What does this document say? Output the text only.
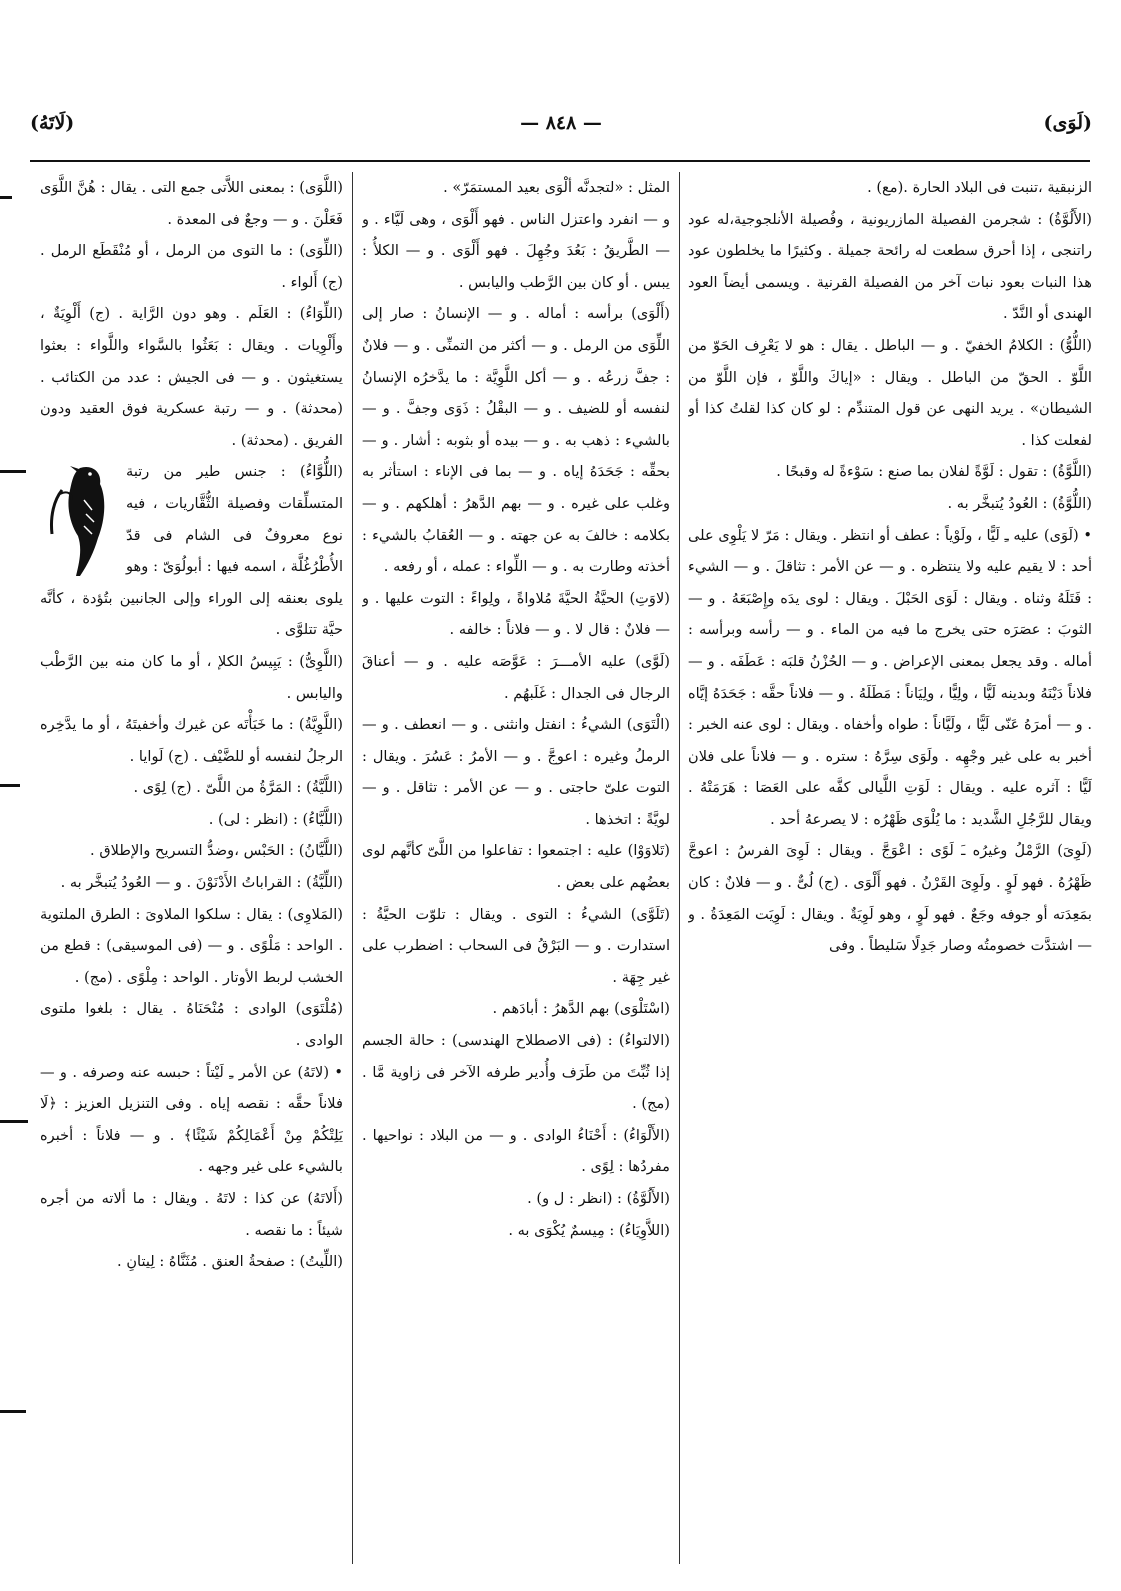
(لَوَى)
— ٨٤٨ —
(لَاتَهُ)

الزنبقية ،تنبت فى البلاد الحارة .(مع) .

(الأَلُوَّةُ) : شجرمن الفصيلة المازريونية ، وفُصيلة الأنلجوجية،له عود راتنجى ، إذا أحرق سطعت له رائحة جميلة . وكثيرًا ما يخلطون عود هذا النبات بعود نبات آخر من الفصيلة القرنية . ويسمى أيضاً العود الهندى أو النَّدّ .

(اللُّوُّ) : الكلامُ الخفيّ . و — الباطل . يقال : هو لا يَعْرِف الحَوّ من اللَّوّ . الحقّ من الباطل . ويقال : «إياكَ واللَّوّ ، فإن اللَّوّ من الشيطان» . يريد النهى عن قول المتندِّم : لو كان كذا لقلتُ كذا أو لفعلت كذا .

(اللَّوَّةُ) : تقول : لَوَّةً لفلان بما صنع : سَوْءةً له وقبحًا .

(اللُّوَّةُ) : العُودُ يُتبخَّر به .

• (لَوَى) عليه ـِ لَيًّا ، ولَوْياً : عطف أو انتظر . ويقال : مَرّ لا يَلْوِى على أحد : لا يقيم عليه ولا ينتظره . و — عن الأمر : تثاقلَ . و — الشيء : فَتَلَهُ وثناه . ويقال : لَوَى الحَبْلَ . ويقال : لوى يدَه وإِصْبَعَهُ . و — الثوبَ : عصَرَه حتى يخرج ما فيه من الماء . و — رأسه وبرأسه : أماله . وقد يجعل بمعنى الإعراض . و — الحُزْنُ قلبَه : عَطَفَه . و — فلاناً دَيْنَهُ وبدينه لَيًّا ، ولِيًّا ، ولِيَاناً : مَطَلَهُ . و — فلاناً حقَّه : جَحَدَهُ إيَّاه . و — أمرَهُ عَنّى لَيًّا ، ولَيَّاناً : طواه وأخفاه . ويقال : لوى عنه الخبر : أخبر به على غير وجْهِه . ولَوَى سِرَّهُ : ستره . و — فلاناً على فلان لَيًّا : آثره عليه . ويقال : لَوَتِ اللَّيالى كفَّه على العَصَا : هَرَمَتْهُ . ويقال للرَّجُلِ الشَّديد : ما يُلْوَى ظَهْرُه : لا يصرعهُ أحد .

(لَوِىَ) الرَّمْلُ وغيرُه ـَ لَوًى : اعْوَجَّ . ويقال : لَوِىَ الفرسُ : اعوجَّ ظَهْرُهُ . فهو لَوٍ . ولَوِىَ القَرْنُ . فهو أَلْوَى . (ج) لُىٌّ . و — فلانٌ : كان بمَعِدَته أو جوفه وجَعٌ . فهو لَوٍ ، وهو لَوِيَةٌ . ويقال : لَوِيَت المَعِدَةُ . و — اشتدَّت خصومتُه وصار جَدِلًا سَليطاً . وفى

المثل : «لتجدنَّه ألْوَى بعيد المستمَرّ» .

و — انفرد واعتزل الناس . فهو أَلْوَى ، وهى لَيَّاء . و — الطَّريقُ : بَعُدَ وجُهِلَ . فهو أَلْوَى . و — الكلأُ : يبس . أو كان بين الرَّطب واليابس .

(أَلْوَى) برأسه : أماله . و — الإنسانُ : صار إلى اللِّوَى من الرمل . و — أكثر من التمنِّى . و — فلانٌ : جفَّ زرعُه . و — أكل اللَّوِيَّة : ما يدَّخرُه الإنسانُ لنفسه أو للضيف . و — البقْلُ : ذَوَى وجفَّ . و — بالشيء : ذهب به . و — بيده أو بثوبه : أشار . و — بحقِّه : جَحَدَهُ إياه . و — بما فى الإناء : استأثر به وغلب على غيره . و — بهم الدَّهرُ : أهلكهم . و — بكلامه : خالفَ به عن جهته . و — العُقابُ بالشيء : أخذته وطارت به . و — اللِّواء : عمله ، أو رفعه .

(لاوَتِ) الحيَّةُ الحيَّةَ مُلاواةً ، ولِواءً : التوت عليها . و — فلانٌ : قال لا . و — فلاناً : خالفه .

(لَوَّى) عليه الأمـــرَ : عَوَّصَه عليه . و — أعناقَ الرجال فى الجدال : غَلَبهُم .

(الْتَوَى) الشيءُ : انفتل وانثنى . و — انعطف . و — الرملُ وغيره : اعوجَّ . و — الأمرُ : عَسُرَ . ويقال : التوت علىّ حاجتى . و — عن الأمر : تثاقل . و — لويَّةً : اتخذها .

(تَلاوَوْا) عليه : اجتمعوا : تفاعلوا من اللَّىّ كأنَّهم لوى بعضُهم على بعض .

(تَلَوَّى) الشيءُ : التوى . ويقال : تلوّت الحيَّةُ : استدارت . و — البَرْقُ فى السحاب : اضطرب على غير جِهَة .

(اسْتَلْوَى) بهم الدَّهرُ : أبادَهم .

(الالتواءُ) : (فى الاصطلاح الهندسى) : حالة الجسم إذا ثُبِّتَ من طَرَف وأُدير طرفه الآخر فى زاوية مَّا . (مج) .

(الأَلْوَاءُ) : أَحْنَاءُ الوادى . و — من البلاد : نواحيها . مفردُها : لِوًى .

(الأَلُوَّةُ) : (انظر : ل و) .

(اللاَّوِيَاءُ) : مِيسمٌ يُكْوَى به .

(اللَّوَى) : بمعنى اللاَّتى جمع التى . يقال : هُنَّ اللَّوَى فَعَلْنَ . و — وجعٌ فى المعدة .

(اللِّوَى) : ما التوى من الرمل ، أو مُنْقَطَع الرمل . (ج) أَلواء .

(اللِّوَاءُ) : العَلَم . وهو دون الرَّاية . (ج) أَلْوِيَةٌ ، وأَلْوِيات . ويقال : بَعَثُوا بالسَّواء واللَّواء : بعثوا يستغيثون . و — فى الجيش : عدد من الكتائب . (محدثة) . و — رتبة عسكرية فوق العقيد ودون الفريق . (محدثة) .

(اللُّوَّاءُ) : جنس طير من رتبة المتسلِّقات وفصيلة الثُّقَّاريات ، فيه نوع معروفٌ فى الشام فى قدّ الأُطْرُغُلَّة ، اسمه فيها : أبولُوَىّ : وهو يلوى بعنقه إلى الوراء وإلى الجانبين بتُؤدة ، كأنَّه حيَّة تتلوَّى .

(اللَّوِىُّ) : يَبِيسُ الكلإ ، أو ما كان منه بين الرَّطْب واليابس .

(اللَّوِيَّةُ) : ما خَبَأْتَه عن غيرك وأخفيتَهُ ، أو ما يدَّخِره الرجلُ لنفسه أو للضَّيْف . (ج) لَوايا .

(اللَّيَّةُ) : المَرَّةُ من اللَّىّ . (ج) لِوًى .

(اللَّيَّاءُ) : (انظر : لى) .

(اللَّيَّانُ) : الحَبْس ،وضدُّ التسريح والإطلاق .

(اللِّيَّةُ) : القراباتُ الأَدْنَوْنَ . و — العُودُ يُتبخَّر به .

(المَلاوِى) : يقال : سلكوا الملاوىَ : الطرق الملتوية . الواحد : مَلْوًى . و — (فى الموسيقى) : قطع من الخشب لربط الأوتار . الواحد : مِلْوًى . (مج) .

(مُلْتَوَى) الوادى : مُنْحَنَاهُ . يقال : بلغوا ملتوى الوادى .

• (لاتَهُ) عن الأمر ـِ لَيْتاً : حبسه عنه وصرفه . و — فلاناً حقَّه : نقصه إياه . وفى التنزيل العزيز : ﴿لَا يَلِتْكُمْ مِنْ أَعْمَالِكُمْ شَيْئًا﴾ . و — فلاناً : أخبره بالشيء على غير وجهه .

(أَلاتَهُ) عن كذا : لاتَهُ . ويقال : ما ألاته من أجره شيئاً : ما نقصه .

(اللِّيتُ) : صفحةُ العنق . مُثَنَّاهُ : لِيتانِ .
